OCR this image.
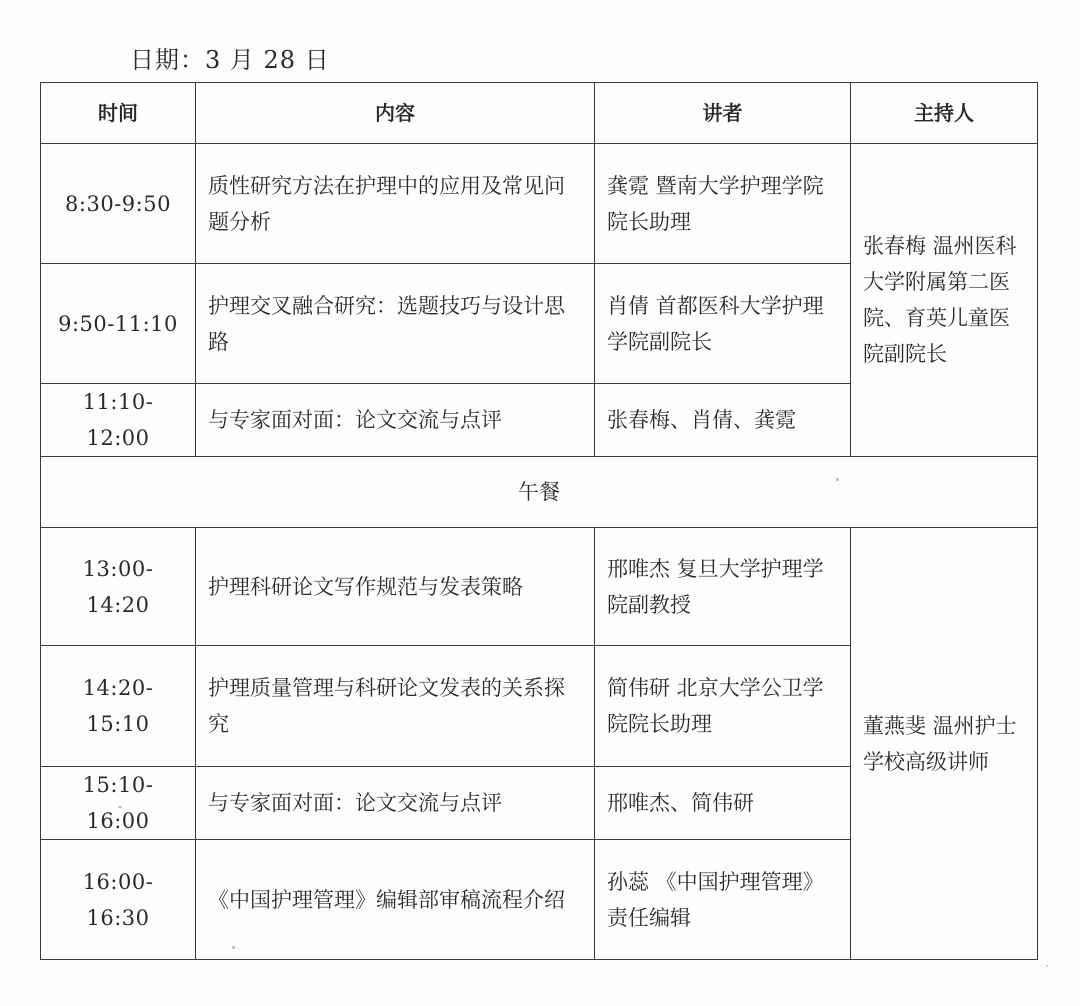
日期：3 月 28 日
时间	内容	讲者	主持人
8:30-9:50	质性研究方法在护理中的应用及常见问题分析	龚霓 暨南大学护理学院院长助理	张春梅 温州医科大学附属第二医院、育英儿童医院副院长
9:50-11:10	护理交叉融合研究：选题技巧与设计思路	肖倩 首都医科大学护理学院副院长	
11:10-12:00	与专家面对面：论文交流与点评	张春梅、肖倩、龚霓	
午餐			
13:00-14:20	护理科研论文写作规范与发表策略	邢唯杰 复旦大学护理学院副教授	董燕斐 温州护士学校高级讲师
14:20-15:10	护理质量管理与科研论文发表的关系探究	简伟研 北京大学公卫学院院长助理	
15:10-16:00	与专家面对面：论文交流与点评	邢唯杰、简伟研	
16:00-16:30	《中国护理管理》编辑部审稿流程介绍	孙蕊 《中国护理管理》责任编辑	
